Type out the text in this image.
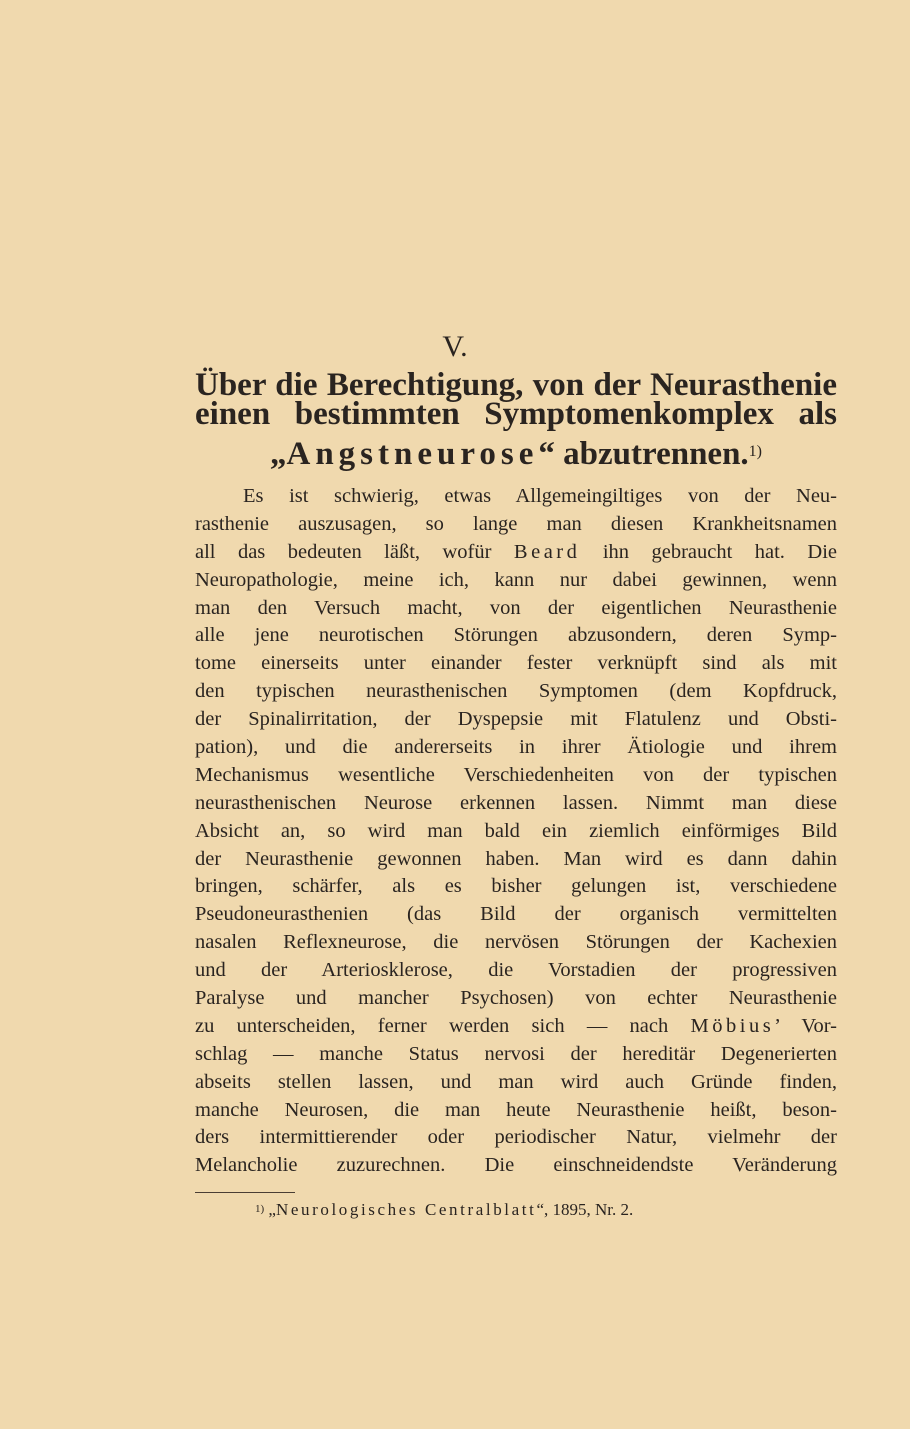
V.
Über die Berechtigung, von der Neurasthenie
einen bestimmten Symptomenkomplex als
„Angstneurose“ abzutrennen.$^{1)}$
Es ist schwierig, etwas Allgemeingiltiges von der Neu-
rasthenie auszusagen, so lange man diesen Krankheitsnamen
all das bedeuten läßt, wofür Beard ihn gebraucht hat. Die
Neuropathologie, meine ich, kann nur dabei gewinnen, wenn
man den Versuch macht, von der eigentlichen Neurasthenie
alle jene neurotischen Störungen abzusondern, deren Symp-
tome einerseits unter einander fester verknüpft sind als mit
den typischen neurasthenischen Symptomen (dem Kopfdruck,
der Spinalirritation, der Dyspepsie mit Flatulenz und Obsti-
pation), und die andererseits in ihrer Ätiologie und ihrem
Mechanismus wesentliche Verschiedenheiten von der typischen
neurasthenischen Neurose erkennen lassen. Nimmt man diese
Absicht an, so wird man bald ein ziemlich einförmiges Bild
der Neurasthenie gewonnen haben. Man wird es dann dahin
bringen, schärfer, als es bisher gelungen ist, verschiedene
Pseudoneurasthenien (das Bild der organisch vermittelten
nasalen Reflexneurose, die nervösen Störungen der Kachexien
und der Arteriosklerose, die Vorstadien der progressiven
Paralyse und mancher Psychosen) von echter Neurasthenie
zu unterscheiden, ferner werden sich — nach Möbius’ Vor-
schlag — manche Status nervosi der hereditär Degenerierten
abseits stellen lassen, und man wird auch Gründe finden,
manche Neurosen, die man heute Neurasthenie heißt, beson-
ders intermittierender oder periodischer Natur, vielmehr der
Melancholie zuzurechnen. Die einschneidendste Veränderung
$^{1)}$ „Neurologisches Centralblatt“, 1895, Nr. 2.
